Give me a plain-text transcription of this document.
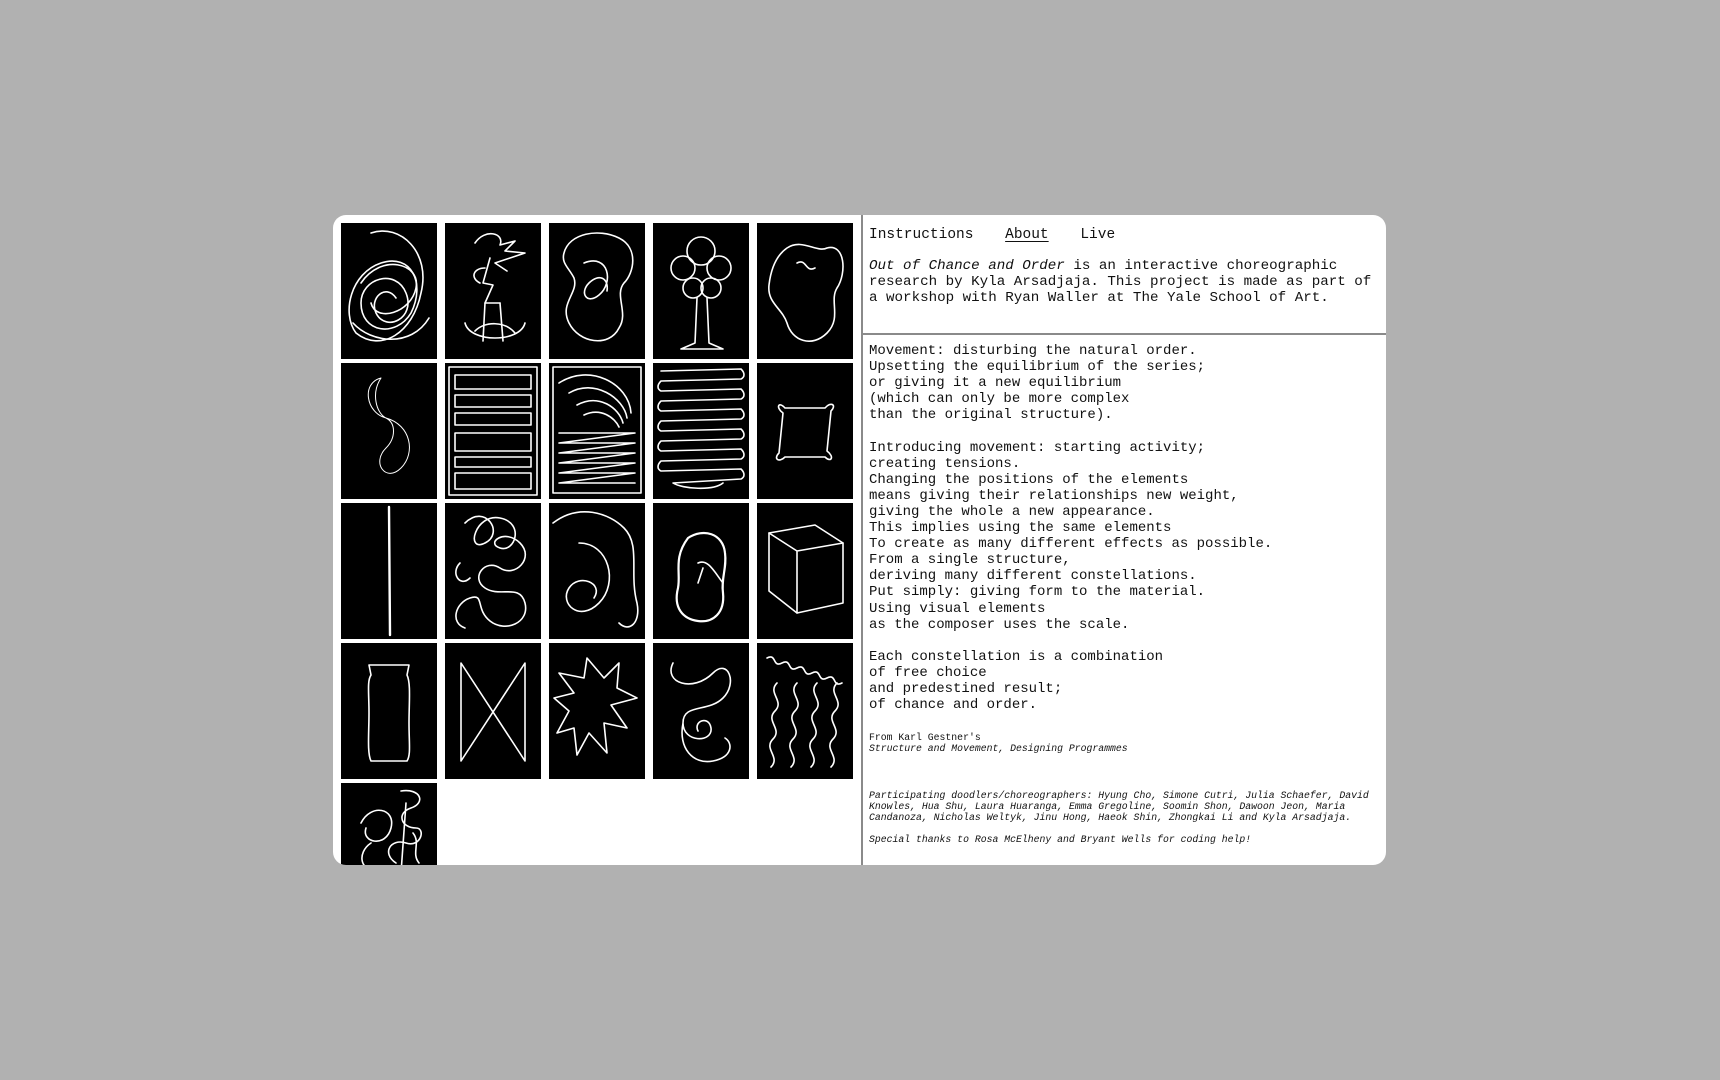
Instructions About Live
Out of Chance and Order is an interactive choreographic research by Kyla Arsadjaja. This project is made as part of a workshop with Ryan Waller at The Yale School of Art.
Movement: disturbing the natural order.
Upsetting the equilibrium of the series;
or giving it a new equilibrium
(which can only be more complex
than the original structure).
Introducing movement: starting activity;
creating tensions.
Changing the positions of the elements
means giving their relationships new weight,
giving the whole a new appearance.
This implies using the same elements
To create as many different effects as possible.
From a single structure,
deriving many different constellations.
Put simply: giving form to the material.
Using visual elements
as the composer uses the scale.
Each constellation is a combination
of free choice
and predestined result;
of chance and order.
From Karl Gestner's
Structure and Movement, Designing Programmes
Participating doodlers/choreographers: Hyung Cho, Simone Cutri, Julia Schaefer, David Knowles, Hua Shu, Laura Huaranga, Emma Gregoline, Soomin Shon, Dawoon Jeon, Maria Candanoza, Nicholas Weltyk, Jinu Hong, Haeok Shin, Zhongkai Li and Kyla Arsadjaja.
Special thanks to Rosa McElheny and Bryant Wells for coding help!
